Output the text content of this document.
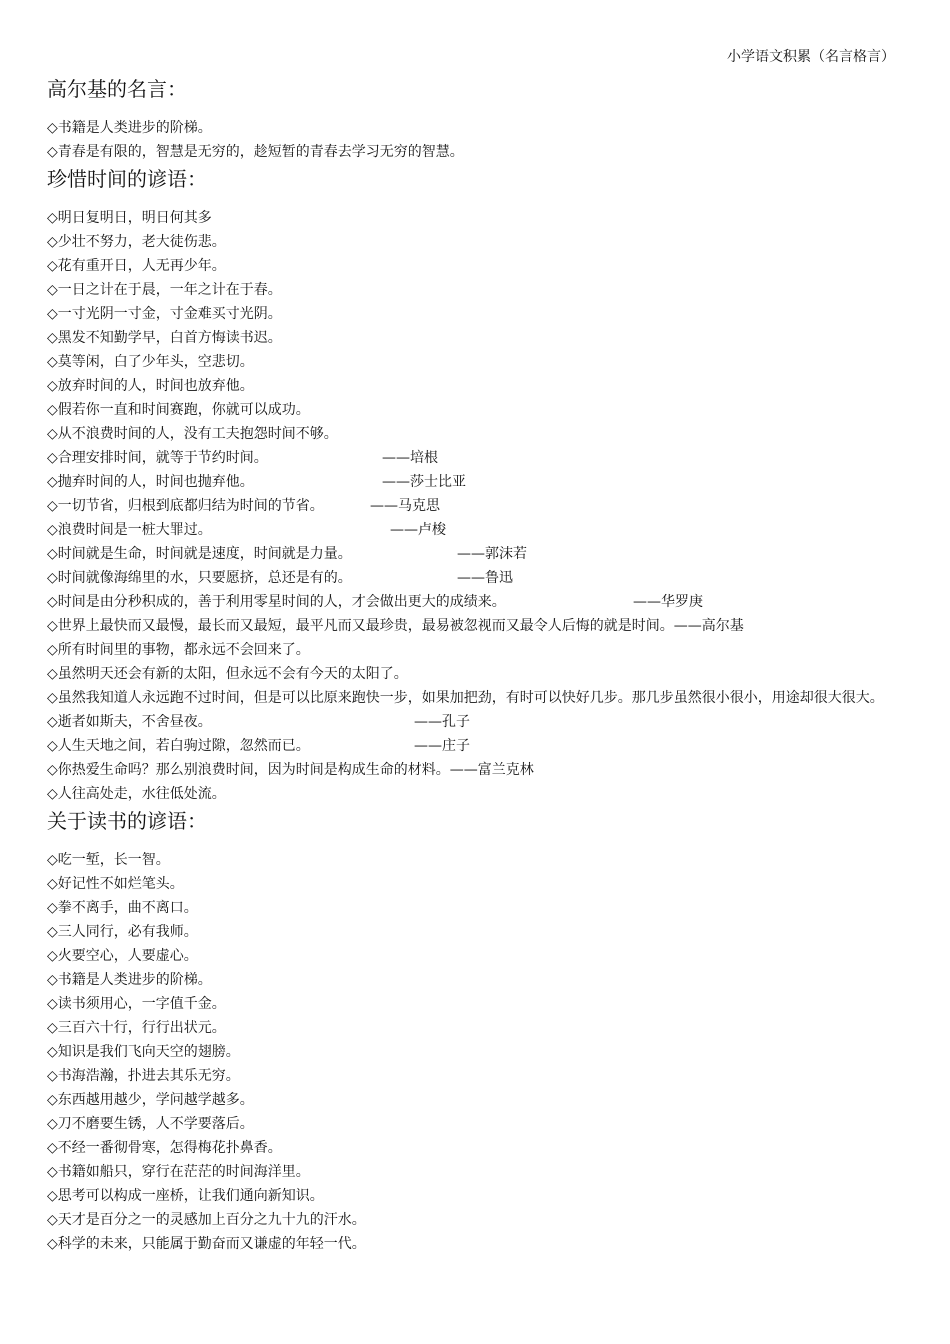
小学语文积累（名言格言）
高尔基的名言：
◇书籍是人类进步的阶梯。
◇青春是有限的，智慧是无穷的，趁短暂的青春去学习无穷的智慧。
珍惜时间的谚语：
◇明日复明日，明日何其多
◇少壮不努力，老大徒伤悲。
◇花有重开日，人无再少年。
◇一日之计在于晨，一年之计在于春。
◇一寸光阴一寸金，寸金难买寸光阴。
◇黑发不知勤学早，白首方悔读书迟。
◇莫等闲，白了少年头，空悲切。
◇放弃时间的人，时间也放弃他。
◇假若你一直和时间赛跑，你就可以成功。
◇从不浪费时间的人，没有工夫抱怨时间不够。
◇合理安排时间，就等于节约时间。	——培根
◇抛弃时间的人，时间也抛弃他。	——莎士比亚
◇一切节省，归根到底都归结为时间的节省。	——马克思
◇浪费时间是一桩大罪过。	——卢梭
◇时间就是生命，时间就是速度，时间就是力量。	——郭沫若
◇时间就像海绵里的水，只要愿挤，总还是有的。	——鲁迅
◇时间是由分秒积成的，善于利用零星时间的人，才会做出更大的成绩来。	——华罗庚
◇世界上最快而又最慢，最长而又最短，最平凡而又最珍贵，最易被忽视而又最令人后悔的就是时间。——高尔基
◇所有时间里的事物，都永远不会回来了。
◇虽然明天还会有新的太阳，但永远不会有今天的太阳了。
◇虽然我知道人永远跑不过时间，但是可以比原来跑快一步，如果加把劲，有时可以快好几步。那几步虽然很小很小，用途却很大很大。
◇逝者如斯夫，不舍昼夜。	——孔子
◇人生天地之间，若白驹过隙，忽然而已。	——庄子
◇你热爱生命吗？那么别浪费时间，因为时间是构成生命的材料。——富兰克林
◇人往高处走，水往低处流。
关于读书的谚语：
◇吃一堑，长一智。
◇好记性不如烂笔头。
◇拳不离手，曲不离口。
◇三人同行，必有我师。
◇火要空心，人要虚心。
◇书籍是人类进步的阶梯。
◇读书须用心，一字值千金。
◇三百六十行，行行出状元。
◇知识是我们飞向天空的翅膀。
◇书海浩瀚，扑进去其乐无穷。
◇东西越用越少，学问越学越多。
◇刀不磨要生锈，人不学要落后。
◇不经一番彻骨寒，怎得梅花扑鼻香。
◇书籍如船只，穿行在茫茫的时间海洋里。
◇思考可以构成一座桥，让我们通向新知识。
◇天才是百分之一的灵感加上百分之九十九的汗水。
◇科学的未来，只能属于勤奋而又谦虚的年轻一代。
